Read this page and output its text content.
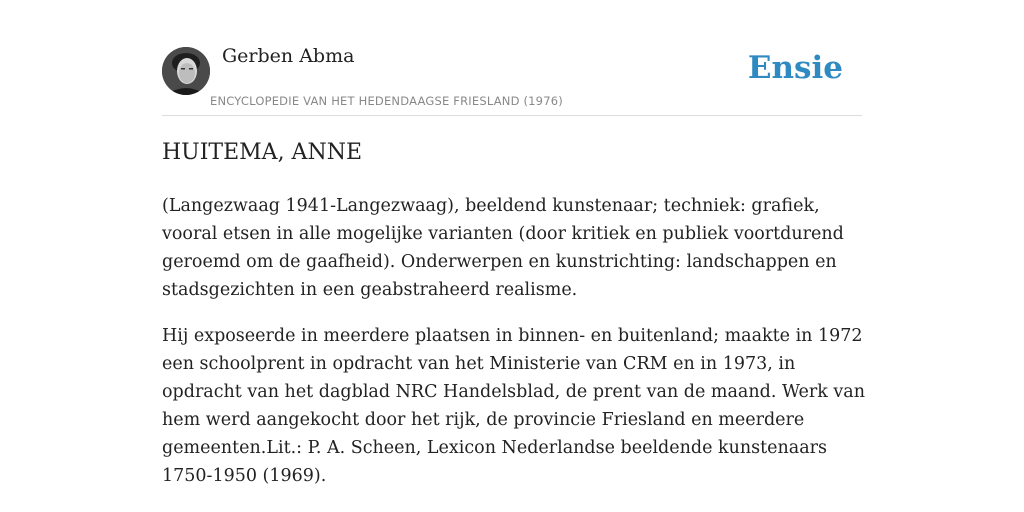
Gerben Abma
ENCYCLOPEDIE VAN HET HEDENDAAGSE FRIESLAND (1976)
Ensie
HUITEMA, ANNE

(Langezwaag 1941-Langezwaag), beeldend kunstenaar; techniek: grafiek, vooral etsen in alle mogelijke varianten (door kritiek en publiek voortdurend geroemd om de gaafheid). Onderwerpen en kunstrichting: landschappen en stadsgezichten in een geabstraheerd realisme.

Hij exposeerde in meerdere plaatsen in binnen- en buitenland; maakte in 1972 een schoolprent in opdracht van het Ministerie van CRM en in 1973, in opdracht van het dagblad NRC Handelsblad, de prent van de maand. Werk van hem werd aangekocht door het rijk, de provincie Friesland en meerdere gemeenten.Lit.: P. A. Scheen, Lexicon Nederlandse beeldende kunstenaars 1750-1950 (1969).
